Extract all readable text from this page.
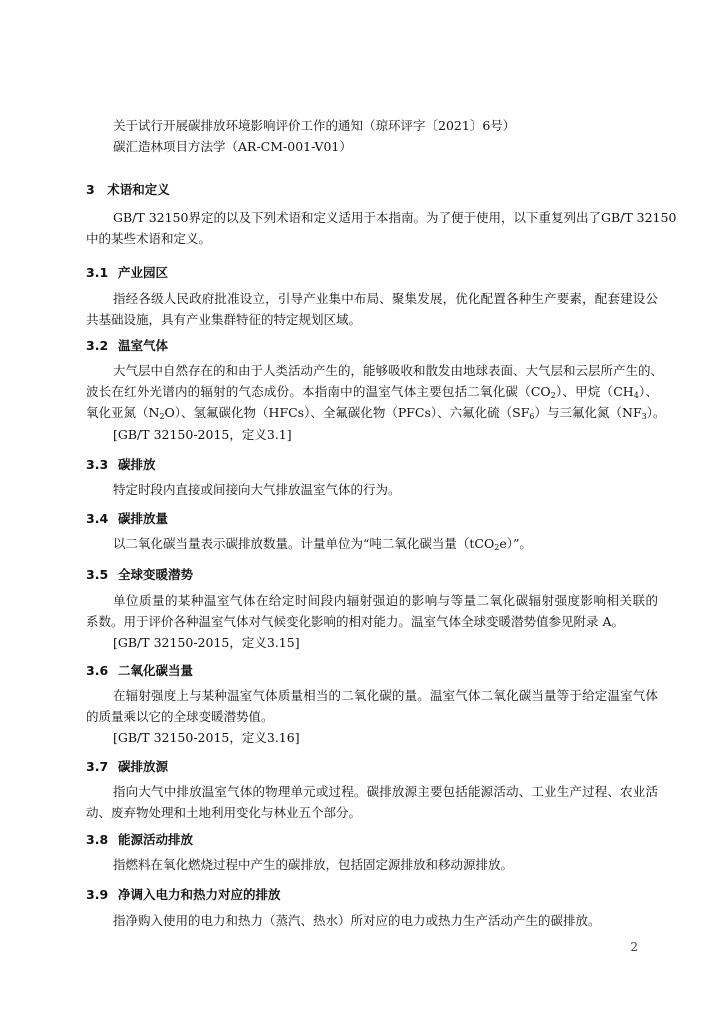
关于试行开展碳排放环境影响评价工作的通知（琼环评字〔2021〕6号）
碳汇造林项目方法学（AR-CM-001-V01）
3　术语和定义
GB/T 32150界定的以及下列术语和定义适用于本指南。为了便于使用，以下重复列出了GB/T 32150
中的某些术语和定义。
3.1 产业园区
指经各级人民政府批准设立，引导产业集中布局、聚集发展，优化配置各种生产要素，配套建设公
共基础设施，具有产业集群特征的特定规划区域。
3.2 温室气体
大气层中自然存在的和由于人类活动产生的，能够吸收和散发由地球表面、大气层和云层所产生的、
波长在红外光谱内的辐射的气态成份。本指南中的温室气体主要包括二氧化碳$(CO_2)$、甲烷$(CH_4)$、
氧化亚氮$(N_2O)$、氢氟碳化物（HFCs）、全氟碳化物（PFCs）、六氟化硫$(SF_6)$与三氟化氮$(NF_3)$。
[GB/T 32150-2015，定义3.1]
3.3 碳排放
特定时段内直接或间接向大气排放温室气体的行为。
3.4 碳排放量
以二氧化碳当量表示碳排放数量。计量单位为“吨二氧化碳当量（tCO$_2$e）”。
3.5 全球变暖潜势
单位质量的某种温室气体在给定时间段内辐射强迫的影响与等量二氧化碳辐射强度影响相关联的
系数。用于评价各种温室气体对气候变化影响的相对能力。温室气体全球变暖潜势值参见附录 A。
[GB/T 32150-2015，定义3.15]
3.6 二氧化碳当量
在辐射强度上与某种温室气体质量相当的二氧化碳的量。温室气体二氧化碳当量等于给定温室气体
的质量乘以它的全球变暖潜势值。
[GB/T 32150-2015，定义3.16]
3.7 碳排放源
指向大气中排放温室气体的物理单元或过程。碳排放源主要包括能源活动、工业生产过程、农业活
动、废弃物处理和土地利用变化与林业五个部分。
3.8 能源活动排放
指燃料在氧化燃烧过程中产生的碳排放，包括固定源排放和移动源排放。
3.9 净调入电力和热力对应的排放
指净购入使用的电力和热力（蒸汽、热水）所对应的电力或热力生产活动产生的碳排放。
2
